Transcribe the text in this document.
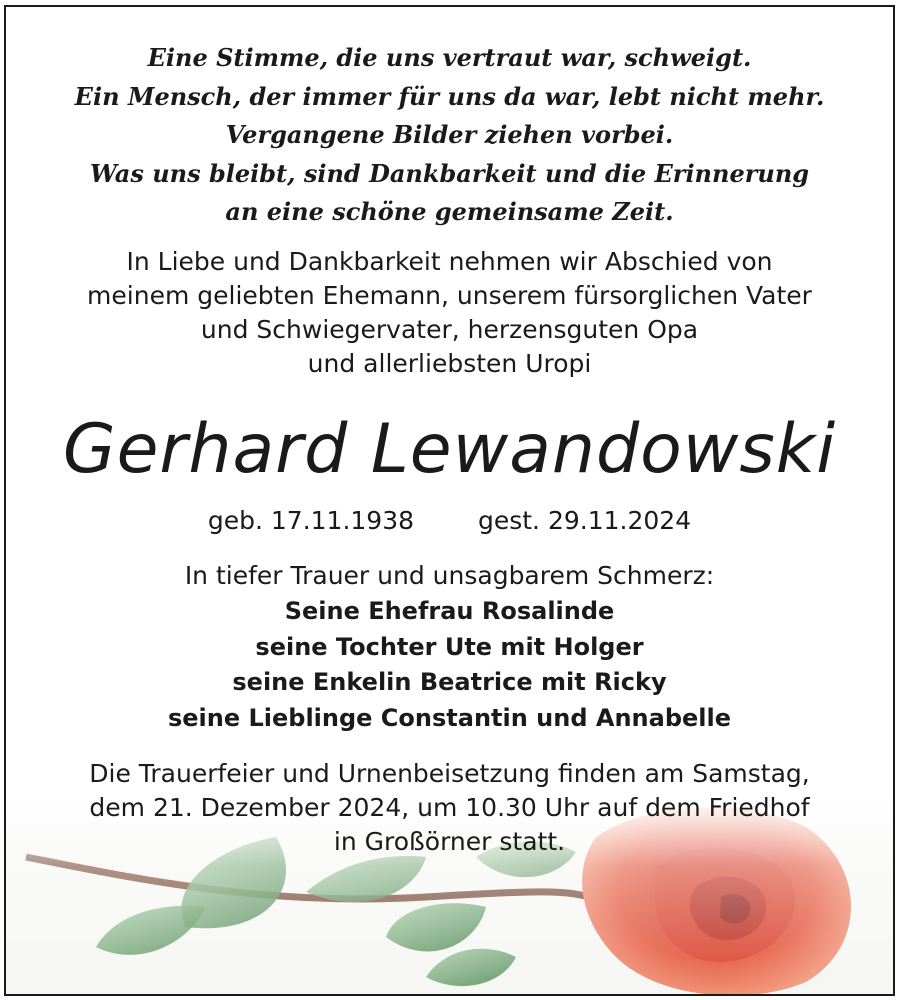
Eine Stimme, die uns vertraut war, schweigt.
Ein Mensch, der immer für uns da war, lebt nicht mehr.
Vergangene Bilder ziehen vorbei.
Was uns bleibt, sind Dankbarkeit und die Erinnerung
an eine schöne gemeinsame Zeit.
In Liebe und Dankbarkeit nehmen wir Abschied von
meinem geliebten Ehemann, unserem fürsorglichen Vater
und Schwiegervater, herzensguten Opa
und allerliebsten Uropi
Gerhard Lewandowski
geb. 17.11.1938	gest. 29.11.2024
In tiefer Trauer und unsagbarem Schmerz:
Seine Ehefrau Rosalinde
seine Tochter Ute mit Holger
seine Enkelin Beatrice mit Ricky
seine Lieblinge Constantin und Annabelle
Die Trauerfeier und Urnenbeisetzung finden am Samstag,
dem 21. Dezember 2024, um 10.30 Uhr auf dem Friedhof
in Großörner statt.
